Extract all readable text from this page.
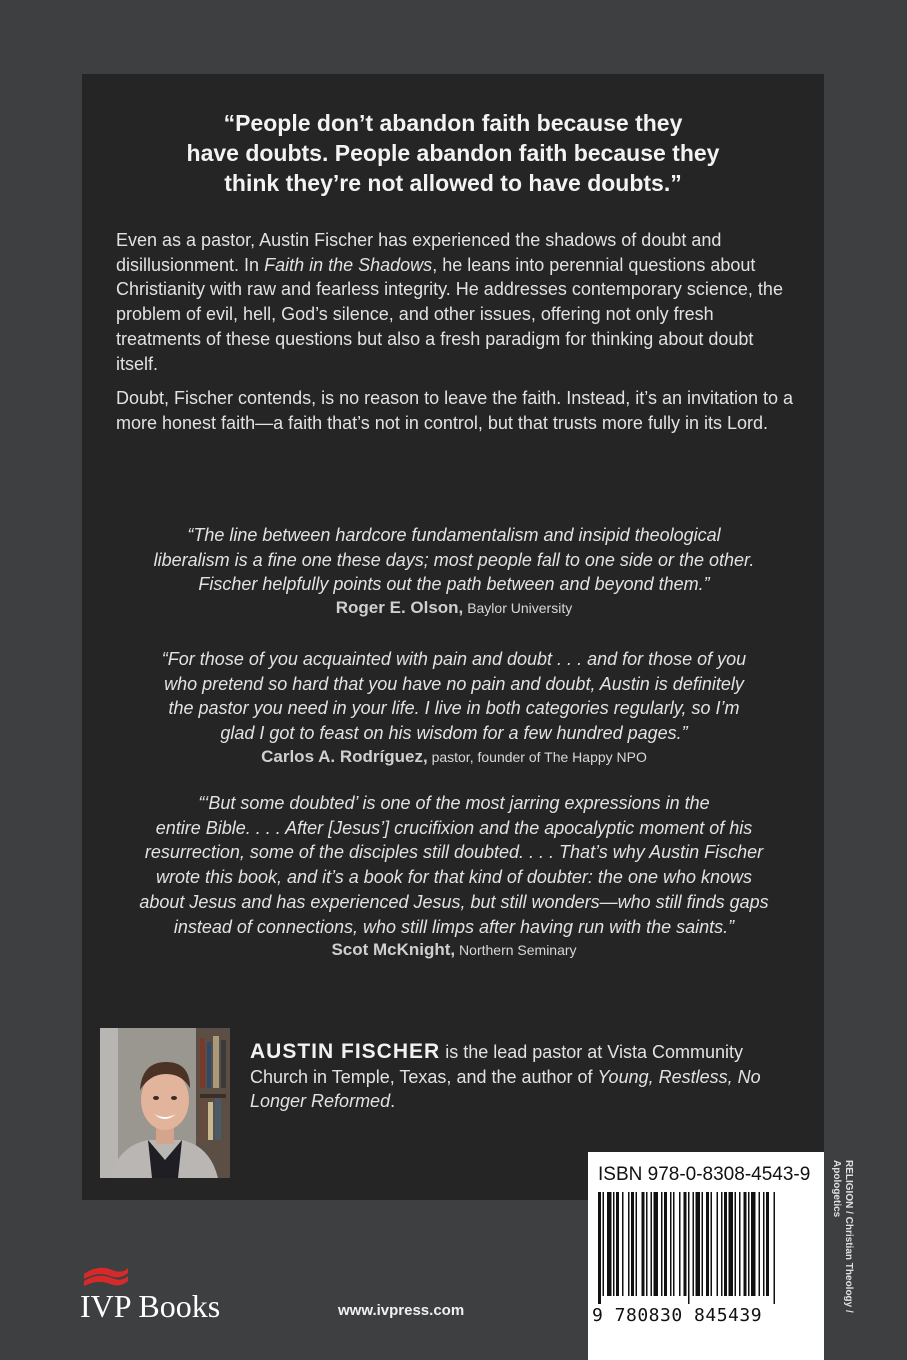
“People don’t abandon faith because they
have doubts. People abandon faith because they
think they’re not allowed to have doubts.”

Even as a pastor, Austin Fischer has experienced the shadows of doubt and disillusionment. In Faith in the Shadows, he leans into perennial questions about Christianity with raw and fearless integrity. He addresses contemporary science, the problem of evil, hell, God’s silence, and other issues, offering not only fresh treatments of these questions but also a fresh paradigm for thinking about doubt itself.

Doubt, Fischer contends, is no reason to leave the faith. Instead, it’s an invitation to a more honest faith—a faith that’s not in control, but that trusts more fully in its Lord.

“The line between hardcore fundamentalism and insipid theological
liberalism is a fine one these days; most people fall to one side or the other.
Fischer helpfully points out the path between and beyond them.”

Roger E. Olson, Baylor University

“For those of you acquainted with pain and doubt . . . and for those of you
who pretend so hard that you have no pain and doubt, Austin is definitely
the pastor you need in your life. I live in both categories regularly, so I’m
glad I got to feast on his wisdom for a few hundred pages.”

Carlos A. Rodríguez, pastor, founder of The Happy NPO

“‘But some doubted’ is one of the most jarring expressions in the
entire Bible. . . . After [Jesus’] crucifixion and the apocalyptic moment of his
resurrection, some of the disciples still doubted. . . . That’s why Austin Fischer
wrote this book, and it’s a book for that kind of doubter: the one who knows
about Jesus and has experienced Jesus, but still wonders—who still finds gaps
instead of connections, who still limps after having run with the saints.”

Scot McKnight, Northern Seminary

AUSTIN FISCHER is the lead pastor at Vista Community Church in Temple, Texas, and the author of Young, Restless, No Longer Reformed.

ISBN 978-0-8308-4543-9
9 780830 845439
RELIGION / Christian Theology / Apologetics
IVP Books	www.ivpress.com
